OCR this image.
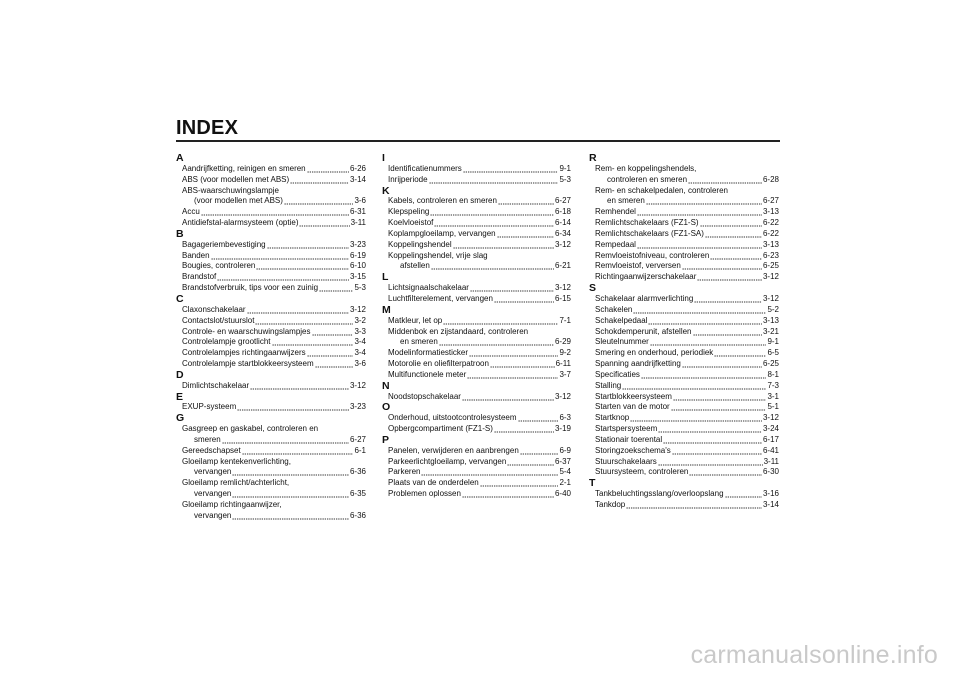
INDEX
A
Aandrijfketting, reinigen en smeren	6-26
ABS (voor modellen met ABS)	3-14
ABS-waarschuwingslampje
(voor modellen met ABS)	3-6
Accu	6-31
Antidiefstal-alarmsysteem (optie)	3-11
B
Bagageriembevestiging	3-23
Banden	6-19
Bougies, controleren	6-10
Brandstof	3-15
Brandstofverbruik, tips voor een zuinig	5-3
C
Claxonschakelaar	3-12
Contactslot/stuurslot	3-2
Controle- en waarschuwingslampjes	3-3
Controlelampje grootlicht	3-4
Controlelampjes richtingaanwijzers	3-4
Controlelampje startblokkeersysteem	3-6
D
Dimlichtschakelaar	3-12
E
EXUP-systeem	3-23
G
Gasgreep en gaskabel, controleren en
smeren	6-27
Gereedschapset	6-1
Gloeilamp kentekenverlichting,
vervangen	6-36
Gloeilamp remlicht/achterlicht,
vervangen	6-35
Gloeilamp richtingaanwijzer,
vervangen	6-36
I
Identificatienummers	9-1
Inrijperiode	5-3
K
Kabels, controleren en smeren	6-27
Klepspeling	6-18
Koelvloeistof	6-14
Koplampgloeilamp, vervangen	6-34
Koppelingshendel	3-12
Koppelingshendel, vrije slag
afstellen	6-21
L
Lichtsignaalschakelaar	3-12
Luchtfilterelement, vervangen	6-15
M
Matkleur, let op	7-1
Middenbok en zijstandaard, controleren
en smeren	6-29
Modelinformatiesticker	9-2
Motorolie en oliefilterpatroon	6-11
Multifunctionele meter	3-7
N
Noodstopschakelaar	3-12
O
Onderhoud, uitstootcontrolesysteem	6-3
Opbergcompartiment (FZ1-S)	3-19
P
Panelen, verwijderen en aanbrengen	6-9
Parkeerlichtgloeilamp, vervangen	6-37
Parkeren	5-4
Plaats van de onderdelen	2-1
Problemen oplossen	6-40
R
Rem- en koppelingshendels,
controleren en smeren	6-28
Rem- en schakelpedalen, controleren
en smeren	6-27
Remhendel	3-13
Remlichtschakelaars (FZ1-S)	6-22
Remlichtschakelaars (FZ1-SA)	6-22
Rempedaal	3-13
Remvloeistofniveau, controleren	6-23
Remvloeistof, verversen	6-25
Richtingaanwijzerschakelaar	3-12
S
Schakelaar alarmverlichting	3-12
Schakelen	5-2
Schakelpedaal	3-13
Schokdemperunit, afstellen	3-21
Sleutelnummer	9-1
Smering en onderhoud, periodiek	6-5
Spanning aandrijfketting	6-25
Specificaties	8-1
Stalling	7-3
Startblokkeersysteem	3-1
Starten van de motor	5-1
Startknop	3-12
Startspersysteem	3-24
Stationair toerental	6-17
Storingzoekschema's	6-41
Stuurschakelaars	3-11
Stuursysteem, controleren	6-30
T
Tankbeluchtingsslang/overloopslang	3-16
Tankdop	3-14
carmanualsonline.info
